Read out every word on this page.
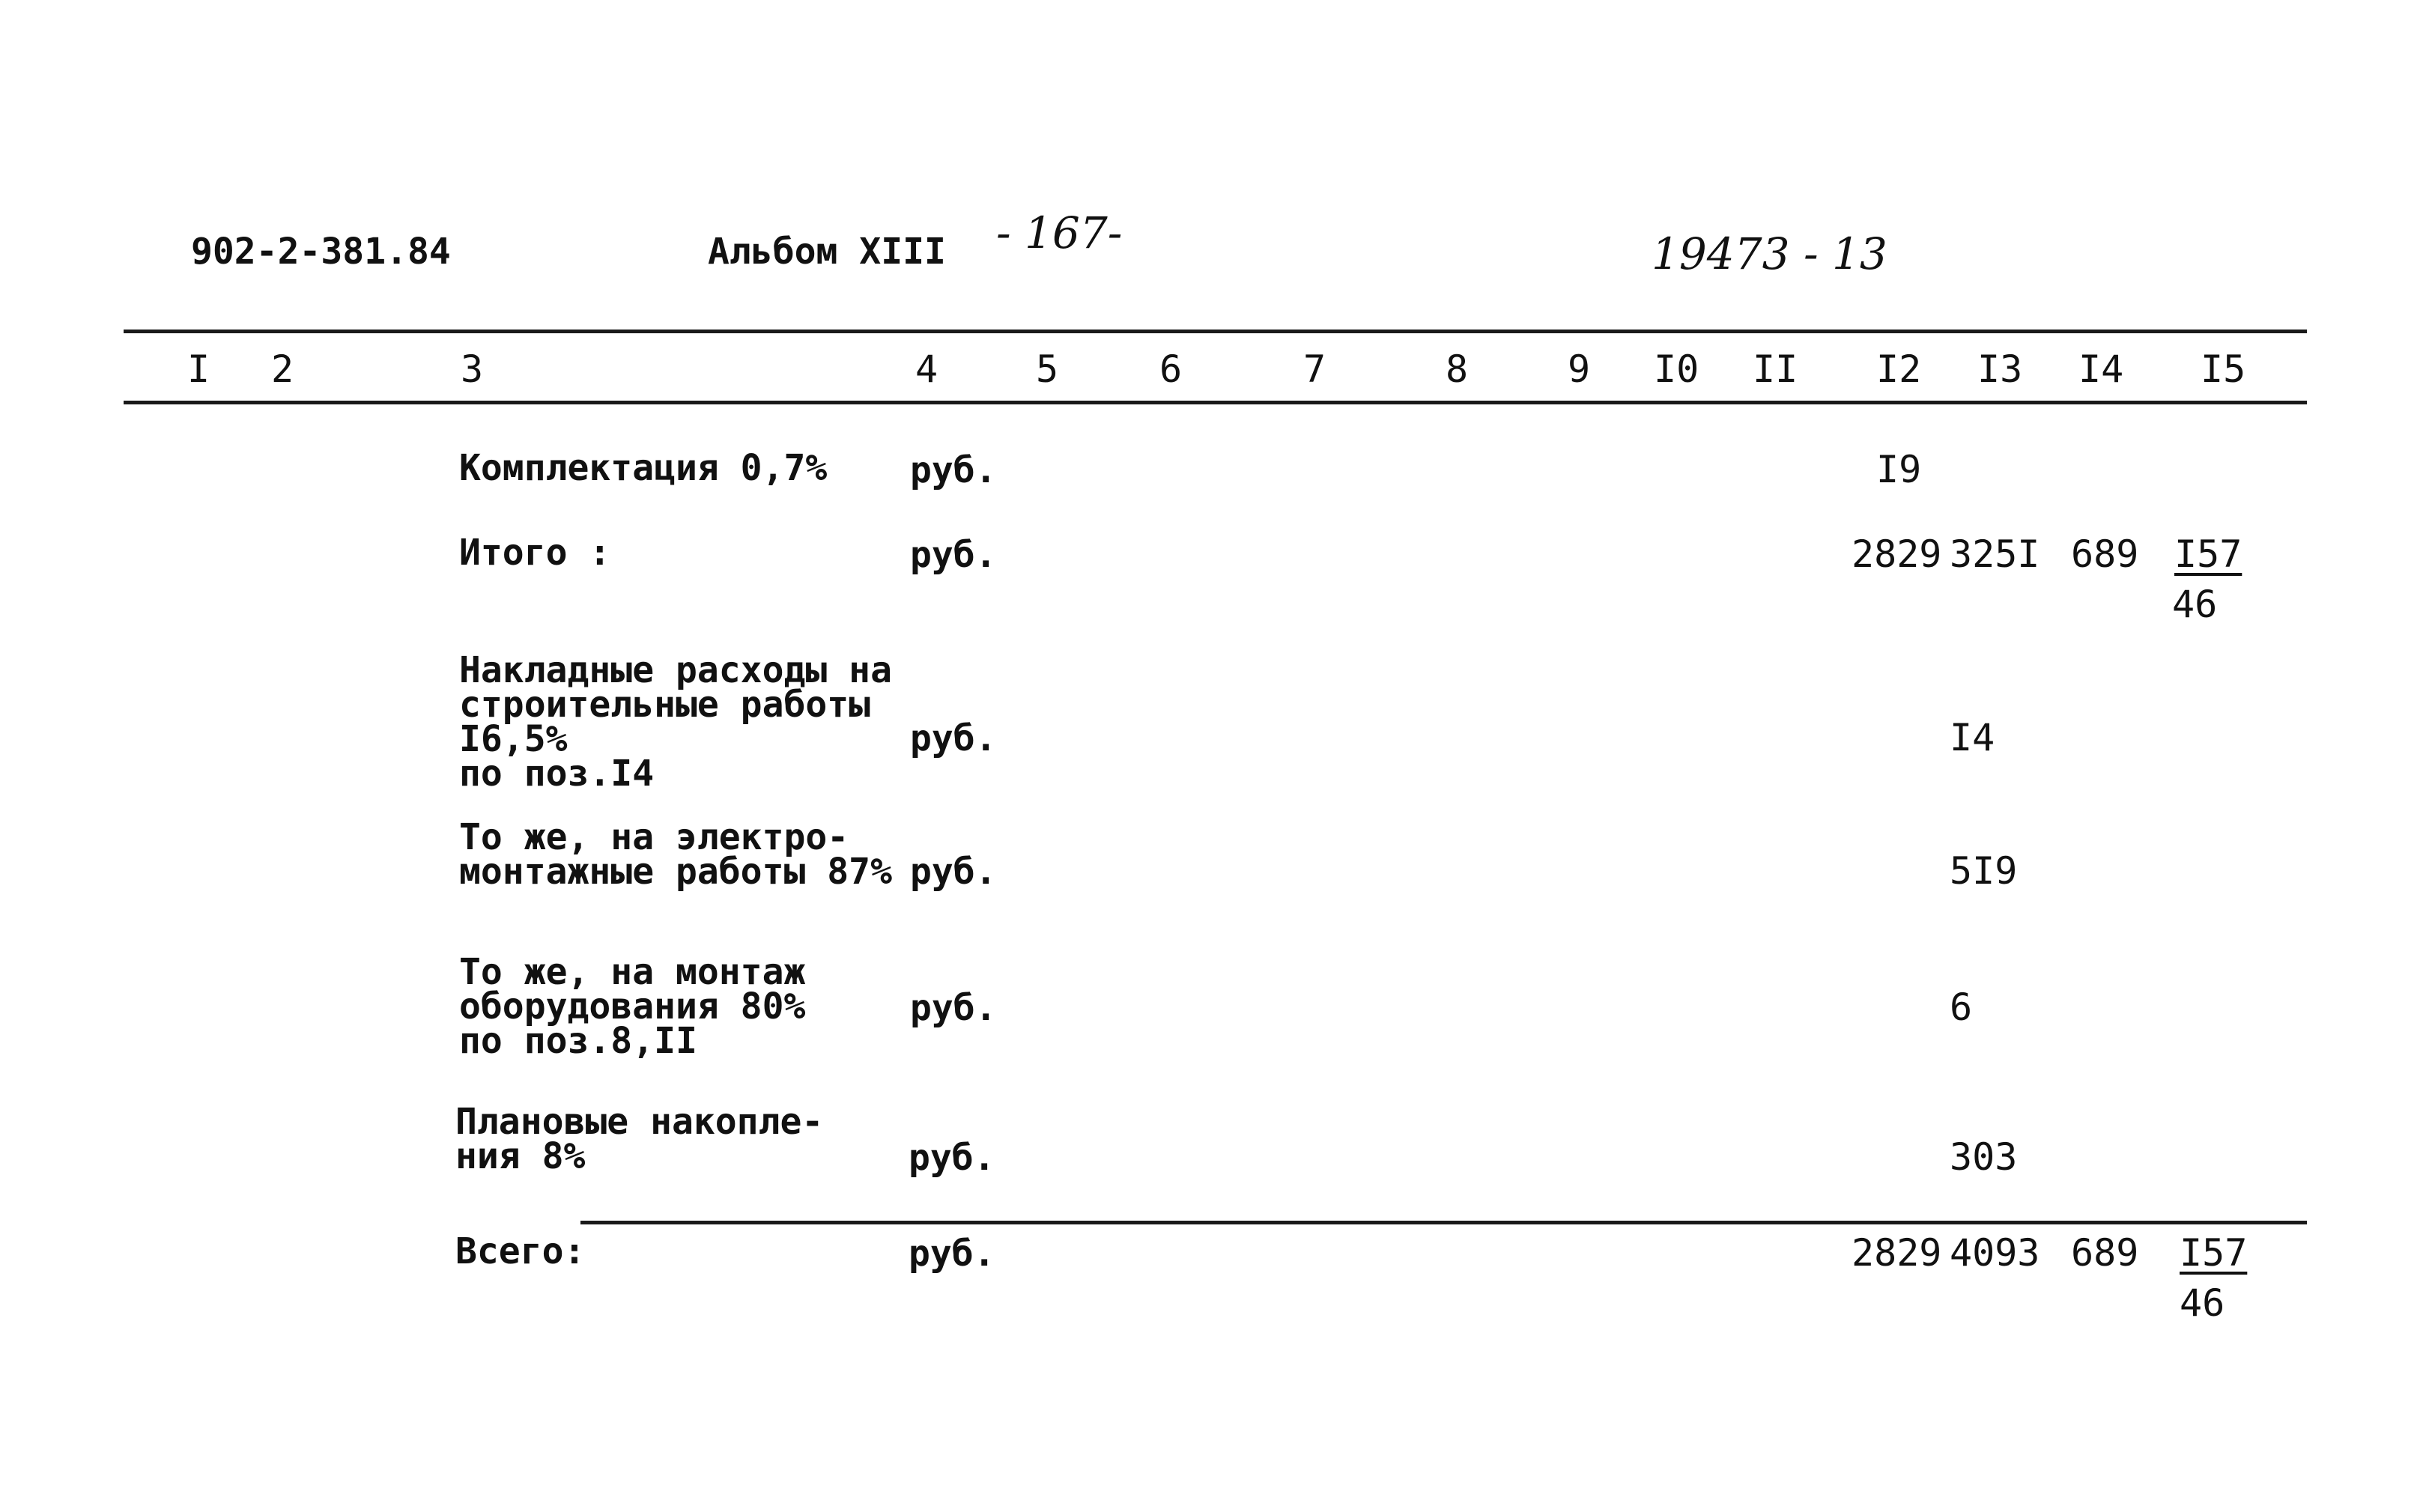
902-2-381.84	Альбом XIII - 167-	19473 - 13
I 2	3	4	5	6	7	8	9 I0 II I2 I3 I4 I5
Комплектация 0,7% руб.	I9
Итого :	руб.	2829 325I 689 I57
46
Накладные расходы на
строительные работы
I6,5%
по поз.I4
руб.	I4
То же, на электро-
монтажные работы 87% руб.	5I9
То же, на монтаж
оборудования 80%
по поз.8,II
руб.	6
Плановые накопле-
ния 8%	руб.	303
Всего:	руб.	2829 4093 689 I57
46
